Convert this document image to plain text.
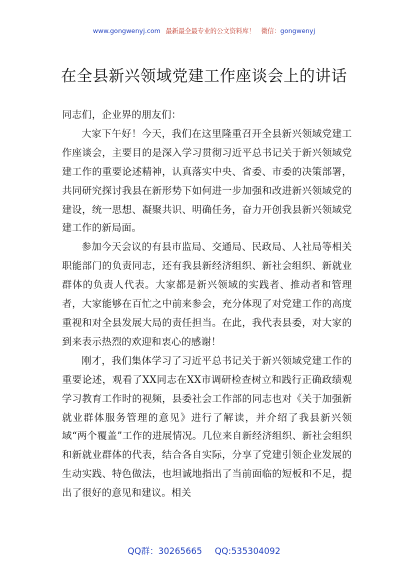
www.gongwenyj.com 最新最全最专业的公文资料库！ 微信：gongwenyj
在全县新兴领域党建工作座谈会上的讲话

同志们，企业界的朋友们：

大家下午好！今天，我们在这里隆重召开全县新兴领域党建工作座谈会，主要目的是深入学习贯彻习近平总书记关于新兴领域党建工作的重要论述精神，认真落实中央、省委、市委的决策部署，共同研究探讨我县在新形势下如何进一步加强和改进新兴领域党的建设，统一思想、凝聚共识、明确任务，奋力开创我县新兴领域党建工作的新局面。

参加今天会议的有县市监局、交通局、民政局、人社局等相关职能部门的负责同志，还有我县新经济组织、新社会组织、新就业群体的负责人代表。大家都是新兴领域的实践者、推动者和管理者，大家能够在百忙之中前来参会，充分体现了对党建工作的高度重视和对全县发展大局的责任担当。在此，我代表县委，对大家的到来表示热烈的欢迎和衷心的感谢！

刚才，我们集体学习了习近平总书记关于新兴领域党建工作的重要论述，观看了XX同志在XX市调研检查树立和践行正确政绩观学习教育工作时的视频，县委社会工作部的同志也对《关于加强新就业群体服务管理的意见》进行了解读，并介绍了我县新兴领域“两个覆盖”工作的进展情况。几位来自新经济组织、新社会组织和新就业群体的代表，结合各自实际，分享了党建引领企业发展的生动实践、特色做法，也坦诚地指出了当前面临的短板和不足，提出了很好的意见和建议。相关

QQ群：30265665 QQ:535304092
